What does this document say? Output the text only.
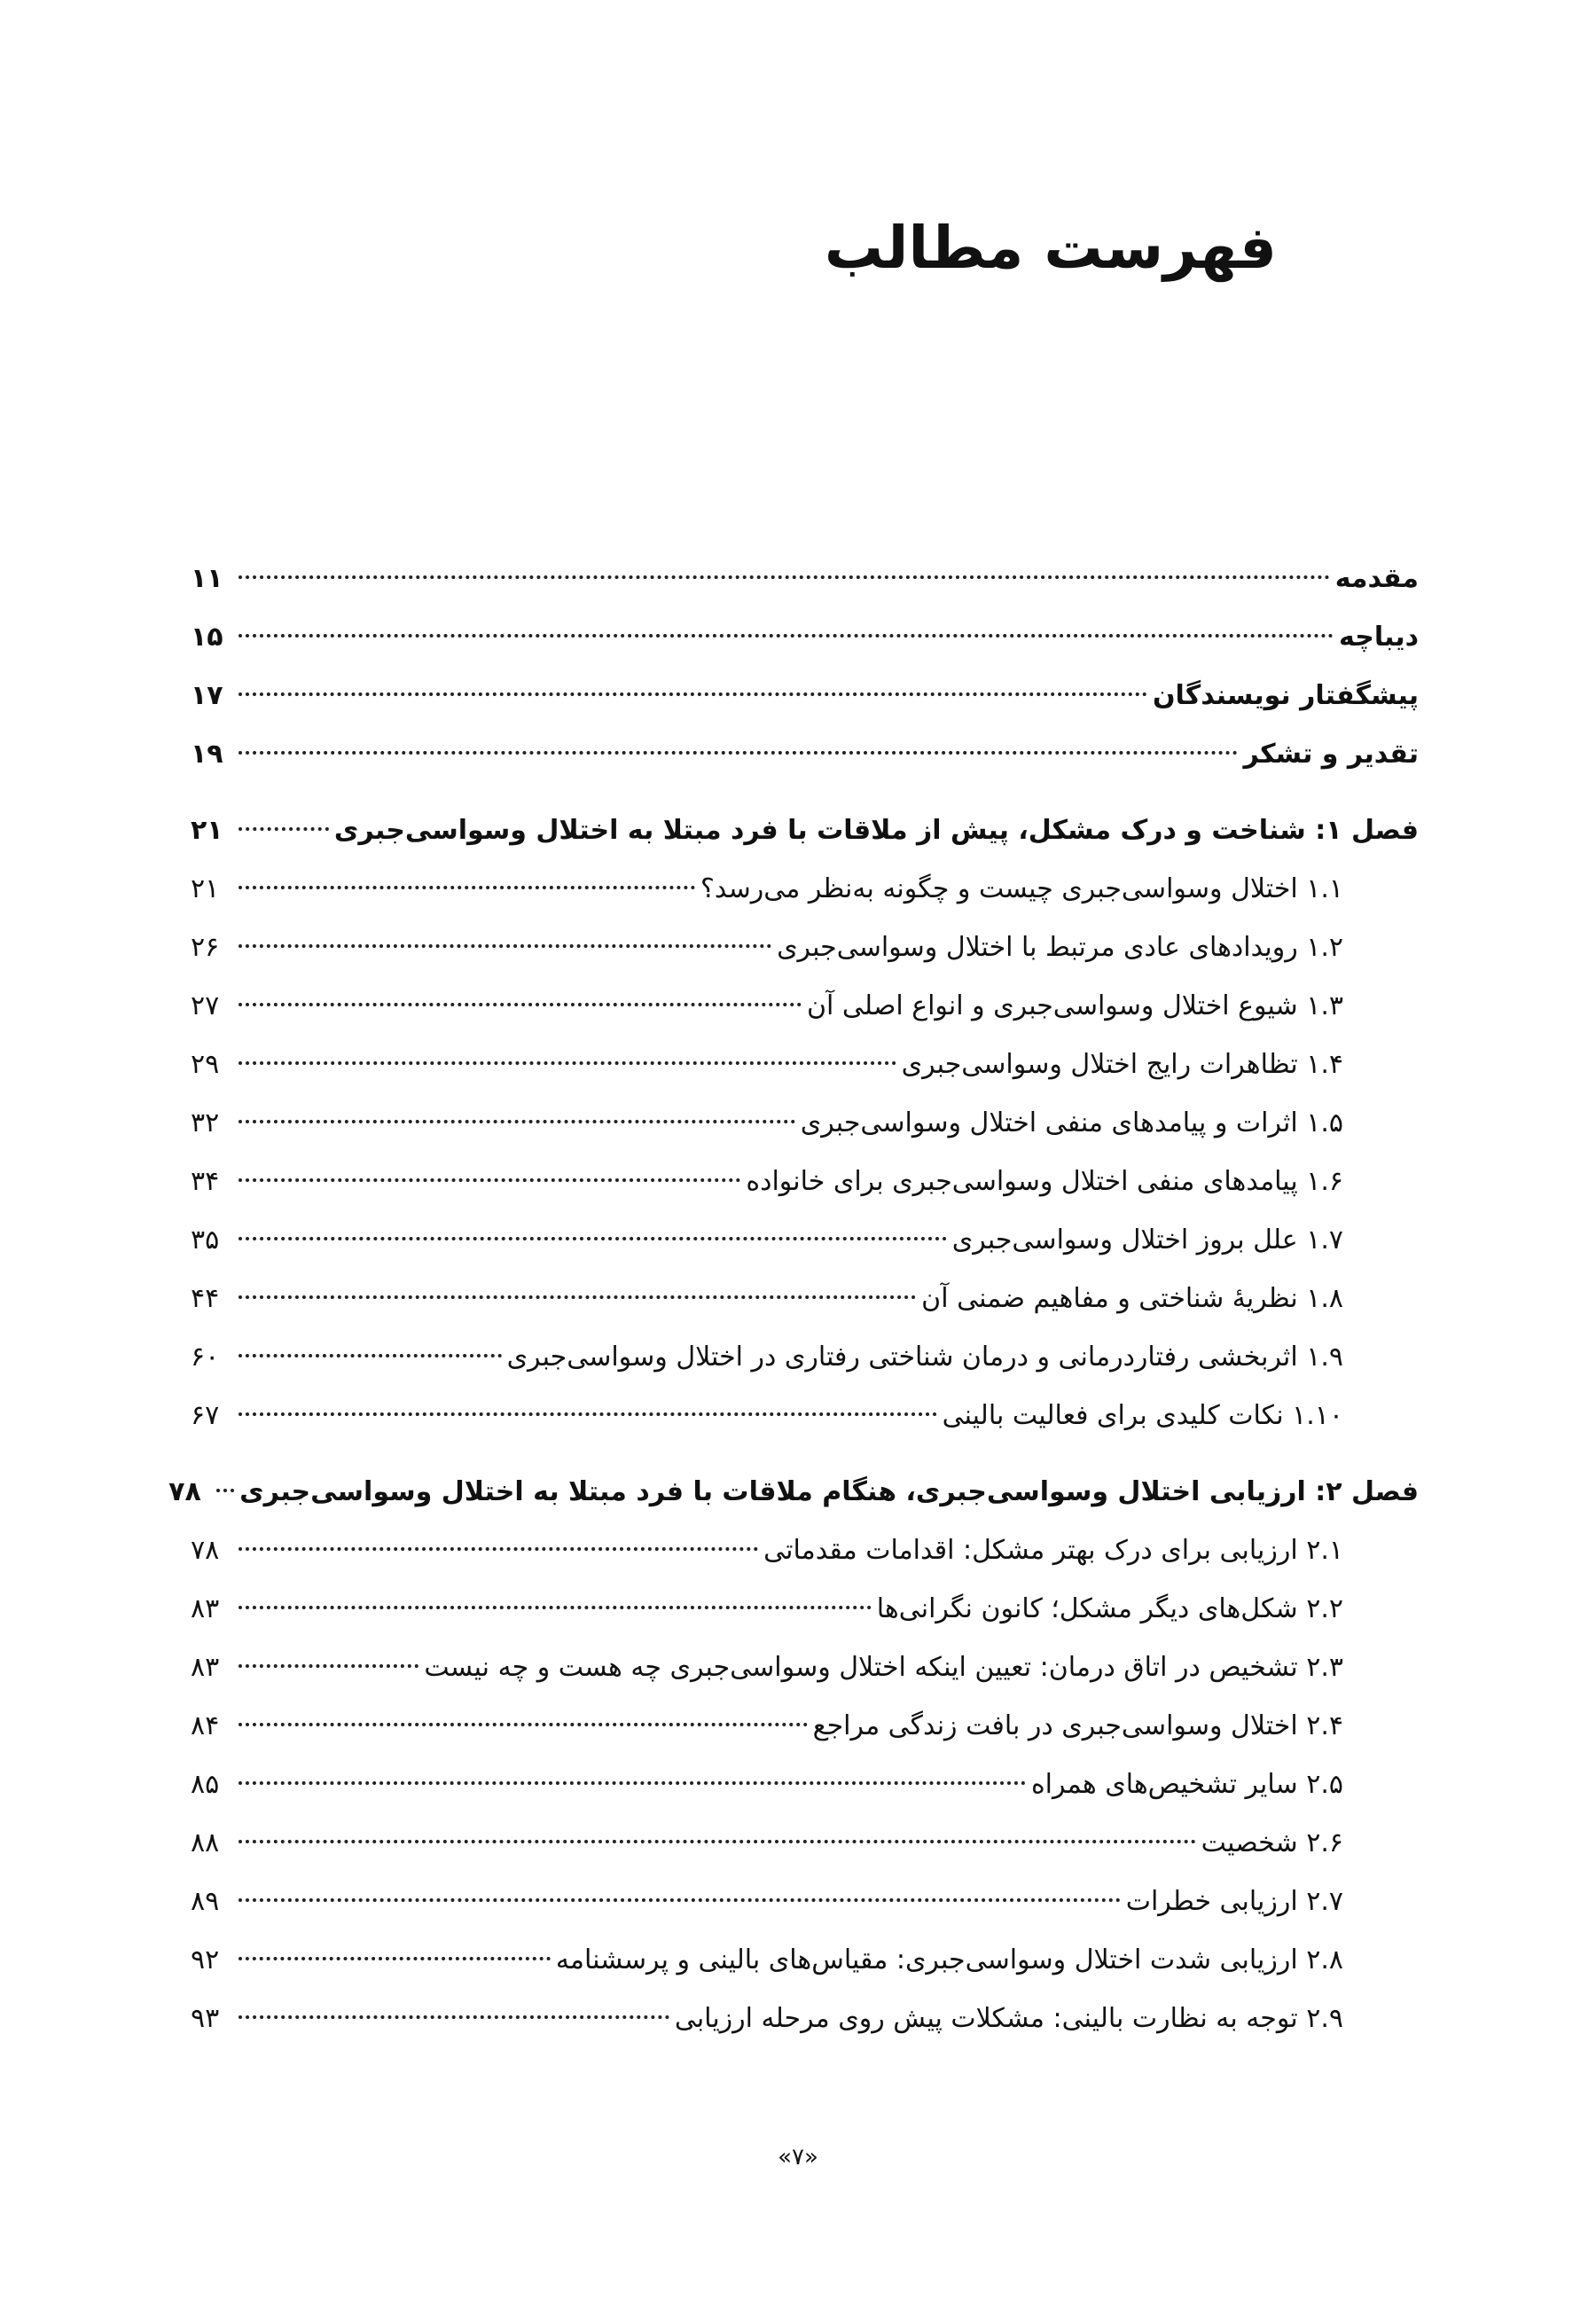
فهرست مطالب
مقدمه
۱۱
دیباچه
۱۵
پیشگفتار نویسندگان
۱۷
تقدیر و تشکر
۱۹
فصل ۱: شناخت و درک مشکل، پیش از ملاقات با فرد مبتلا به اختلال وسواسی‌جبری
۲۱
۱.۱ اختلال وسواسی‌جبری چیست و چگونه به‌نظر می‌رسد؟
۲۱
۱.۲ رویدادهای عادی مرتبط با اختلال وسواسی‌جبری
۲۶
۱.۳ شیوع اختلال وسواسی‌جبری و انواع اصلی آن
۲۷
۱.۴ تظاهرات رایج اختلال وسواسی‌جبری
۲۹
۱.۵ اثرات و پیامدهای منفی اختلال وسواسی‌جبری
۳۲
۱.۶ پیامدهای منفی اختلال وسواسی‌جبری برای خانواده
۳۴
۱.۷ علل بروز اختلال وسواسی‌جبری
۳۵
۱.۸ نظریهٔ شناختی و مفاهیم ضمنی آن
۴۴
۱.۹ اثربخشی رفتاردرمانی و درمان شناختی رفتاری در اختلال وسواسی‌جبری
۶۰
۱.۱۰ نکات کلیدی برای فعالیت بالینی
۶۷
فصل ۲: ارزیابی اختلال وسواسی‌جبری، هنگام ملاقات با فرد مبتلا به اختلال وسواسی‌جبری
۷۸
۲.۱ ارزیابی برای درک بهتر مشکل: اقدامات مقدماتی
۷۸
۲.۲ شکل‌های دیگر مشکل؛ کانون نگرانی‌ها
۸۳
۲.۳ تشخیص در اتاق درمان: تعیین اینکه اختلال وسواسی‌جبری چه هست و چه نیست
۸۳
۲.۴ اختلال وسواسی‌جبری در بافت زندگی مراجع
۸۴
۲.۵ سایر تشخیص‌های همراه
۸۵
۲.۶ شخصیت
۸۸
۲.۷ ارزیابی خطرات
۸۹
۲.۸ ارزیابی شدت اختلال وسواسی‌جبری: مقیاس‌های بالینی و پرسشنامه
۹۲
۲.۹ توجه به نظارت بالینی: مشکلات پیش روی مرحله ارزیابی
۹۳
«۷»
